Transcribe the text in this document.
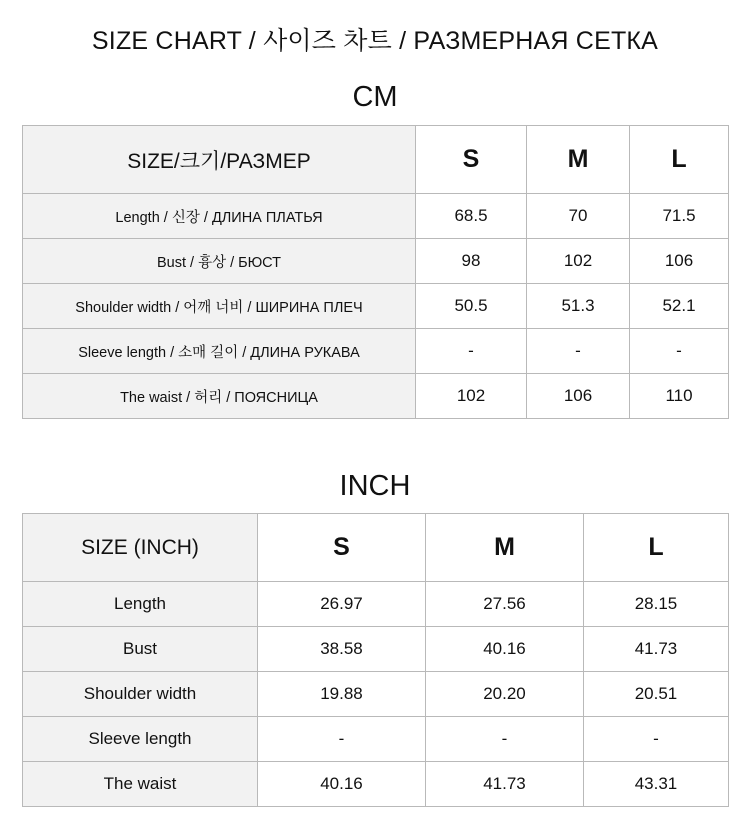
SIZE CHART / 사이즈 차트 / РАЗМЕРНАЯ СЕТКА
CM
SIZE/크기/РАЗМЕР	S	M	L
Length / 신장 / ДЛИНА ПЛАТЬЯ	68.5	70	71.5
Bust / 흉상 / БЮСТ	98	102	106
Shoulder width / 어깨 너비 / ШИРИНА ПЛЕЧ	50.5	51.3	52.1
Sleeve length / 소매 길이 / ДЛИНА РУКАВА	-	-	-
The waist / 허리 / ПОЯСНИЦА	102	106	110
INCH
SIZE (INCH)	S	M	L
Length	26.97	27.56	28.15
Bust	38.58	40.16	41.73
Shoulder width	19.88	20.20	20.51
Sleeve length	-	-	-
The waist	40.16	41.73	43.31
